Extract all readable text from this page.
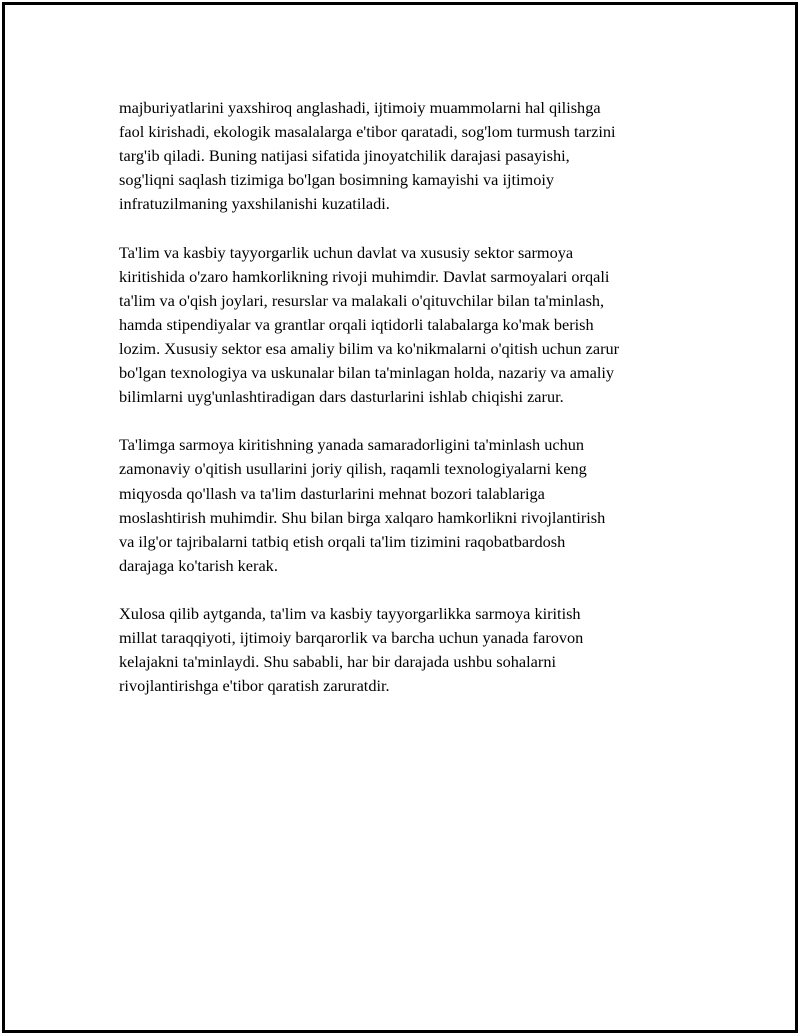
majburiyatlarini yaxshiroq anglashadi, ijtimoiy muammolarni hal qilishga
faol kirishadi, ekologik masalalarga e'tibor qaratadi, sog'lom turmush tarzini
targ'ib qiladi. Buning natijasi sifatida jinoyatchilik darajasi pasayishi,
sog'liqni saqlash tizimiga bo'lgan bosimning kamayishi va ijtimoiy
infratuzilmaning yaxshilanishi kuzatiladi.

Ta'lim va kasbiy tayyorgarlik uchun davlat va xususiy sektor sarmoya
kiritishida o'zaro hamkorlikning rivoji muhimdir. Davlat sarmoyalari orqali
ta'lim va o'qish joylari, resurslar va malakali o'qituvchilar bilan ta'minlash,
hamda stipendiyalar va grantlar orqali iqtidorli talabalarga ko'mak berish
lozim. Xususiy sektor esa amaliy bilim va ko'nikmalarni o'qitish uchun zarur
bo'lgan texnologiya va uskunalar bilan ta'minlagan holda, nazariy va amaliy
bilimlarni uyg'unlashtiradigan dars dasturlarini ishlab chiqishi zarur.

Ta'limga sarmoya kiritishning yanada samaradorligini ta'minlash uchun
zamonaviy o'qitish usullarini joriy qilish, raqamli texnologiyalarni keng
miqyosda qo'llash va ta'lim dasturlarini mehnat bozori talablariga
moslashtirish muhimdir. Shu bilan birga xalqaro hamkorlikni rivojlantirish
va ilg'or tajribalarni tatbiq etish orqali ta'lim tizimini raqobatbardosh
darajaga ko'tarish kerak.

Xulosa qilib aytganda, ta'lim va kasbiy tayyorgarlikka sarmoya kiritish
millat taraqqiyoti, ijtimoiy barqarorlik va barcha uchun yanada farovon
kelajakni ta'minlaydi. Shu sababli, har bir darajada ushbu sohalarni
rivojlantirishga e'tibor qaratish zaruratdir.
